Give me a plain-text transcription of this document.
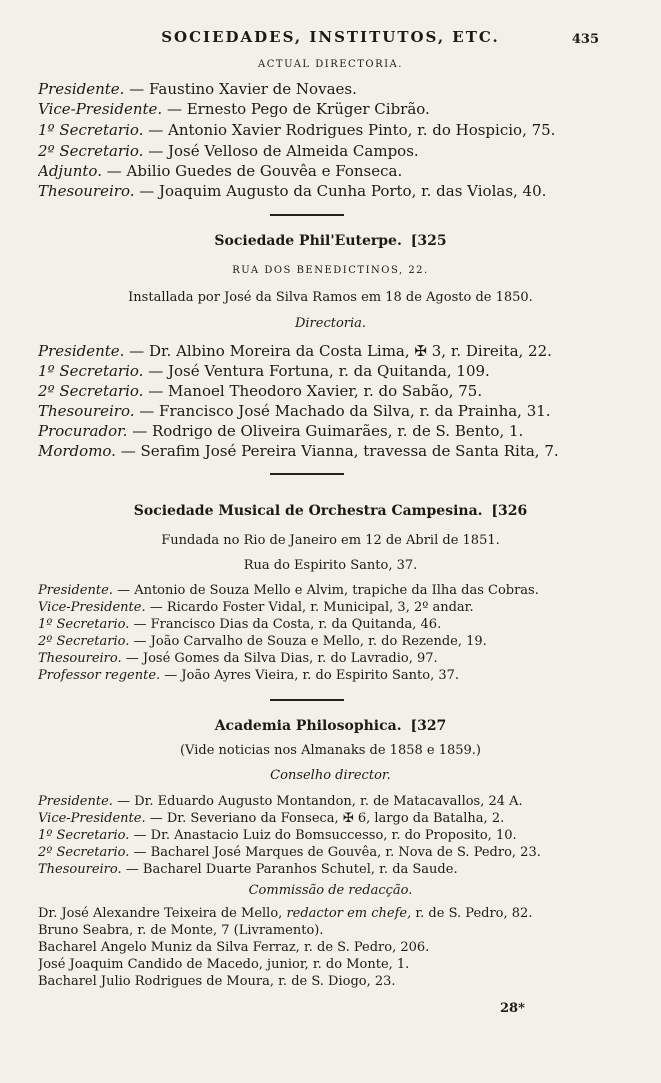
SOCIEDADES, INSTITUTOS, ETC.	435
ACTUAL DIRECTORIA.
Presidente. — Faustino Xavier de Novaes.
Vice-Presidente. — Ernesto Pego de Krüger Cibrão.
1º Secretario. — Antonio Xavier Rodrigues Pinto, r. do Hospicio, 75.
2º Secretario. — José Velloso de Almeida Campos.
Adjunto. — Abilio Guedes de Gouvêa e Fonseca.
Thesoureiro. — Joaquim Augusto da Cunha Porto, r. das Violas, 40.
Sociedade Phil'Euterpe. [325
RUA DOS BENEDICTINOS, 22.
Installada por José da Silva Ramos em 18 de Agosto de 1850.
Directoria.
Presidente. — Dr. Albino Moreira da Costa Lima, ✠ 3, r. Direita, 22.
1º Secretario. — José Ventura Fortuna, r. da Quitanda, 109.
2º Secretario. — Manoel Theodoro Xavier, r. do Sabão, 75.
Thesoureiro. — Francisco José Machado da Silva, r. da Prainha, 31.
Procurador. — Rodrigo de Oliveira Guimarães, r. de S. Bento, 1.
Mordomo. — Serafim José Pereira Vianna, travessa de Santa Rita, 7.
Sociedade Musical de Orchestra Campesina. [326
Fundada no Rio de Janeiro em 12 de Abril de 1851.
Rua do Espirito Santo, 37.
Presidente. — Antonio de Souza Mello e Alvim, trapiche da Ilha das Cobras.
Vice-Presidente. — Ricardo Foster Vidal, r. Municipal, 3, 2º andar.
1º Secretario. — Francisco Dias da Costa, r. da Quitanda, 46.
2º Secretario. — João Carvalho de Souza e Mello, r. do Rezende, 19.
Thesoureiro. — José Gomes da Silva Dias, r. do Lavradio, 97.
Professor regente. — João Ayres Vieira, r. do Espirito Santo, 37.
Academia Philosophica. [327
(Vide noticias nos Almanaks de 1858 e 1859.)
Conselho director.
Presidente. — Dr. Eduardo Augusto Montandon, r. de Matacavallos, 24 A.
Vice-Presidente. — Dr. Severiano da Fonseca, ✠ 6, largo da Batalha, 2.
1º Secretario. — Dr. Anastacio Luiz do Bomsuccesso, r. do Proposito, 10.
2º Secretario. — Bacharel José Marques de Gouvêa, r. Nova de S. Pedro, 23.
Thesoureiro. — Bacharel Duarte Paranhos Schutel, r. da Saude.
Commissão de redacção.
Dr. José Alexandre Teixeira de Mello, redactor em chefe, r. de S. Pedro, 82.
Bruno Seabra, r. de Monte, 7 (Livramento).
Bacharel Angelo Muniz da Silva Ferraz, r. de S. Pedro, 206.
José Joaquim Candido de Macedo, junior, r. do Monte, 1.
Bacharel Julio Rodrigues de Moura, r. de S. Diogo, 23.
28*
